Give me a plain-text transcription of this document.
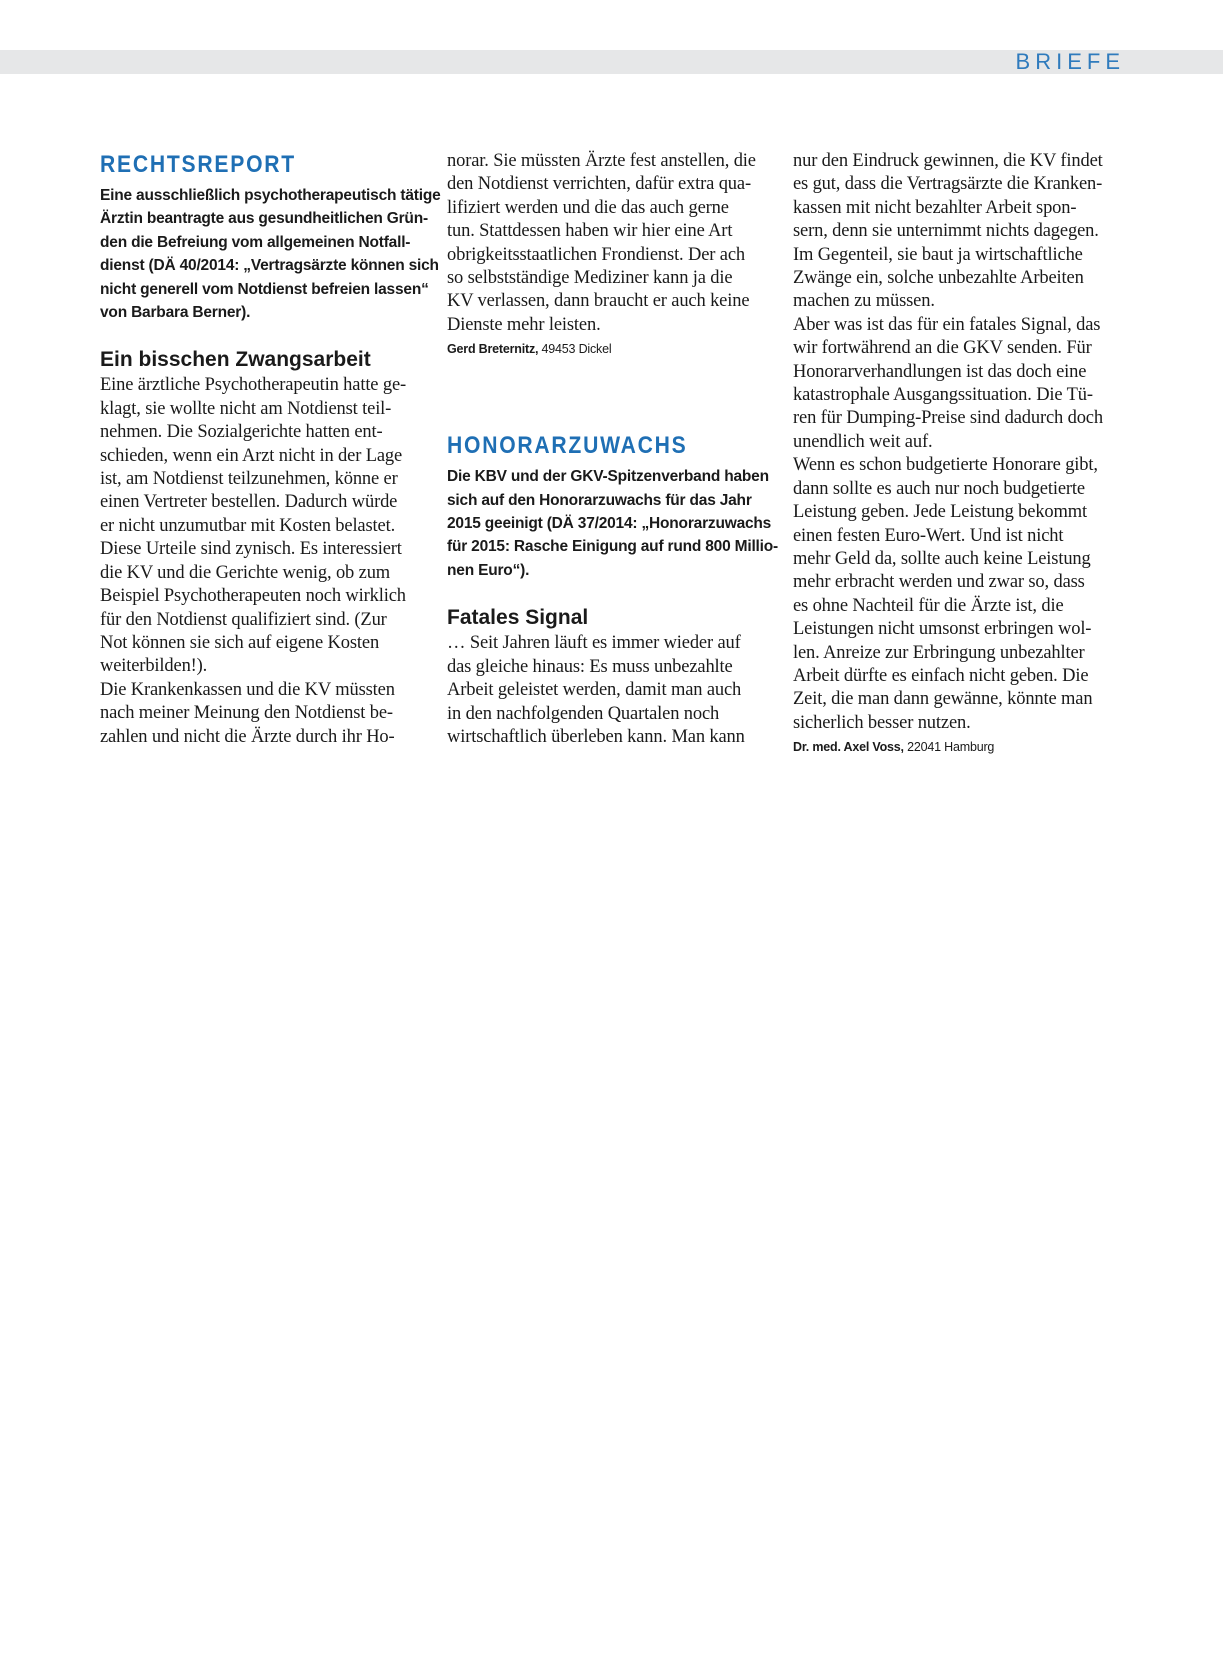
BRIEFE
RECHTSREPORT
Eine ausschließlich psychotherapeutisch tätige
Ärztin beantragte aus gesundheitlichen Grün-
den die Befreiung vom allgemeinen Notfall-
dienst (DÄ 40/2014: „Vertragsärzte können sich
nicht generell vom Notdienst befreien lassen“
von Barbara Berner).
Ein bisschen Zwangsarbeit
Eine ärztliche Psychotherapeutin hatte ge-
klagt, sie wollte nicht am Notdienst teil-
nehmen. Die Sozialgerichte hatten ent-
schieden, wenn ein Arzt nicht in der Lage
ist, am Notdienst teilzunehmen, könne er
einen Vertreter bestellen. Dadurch würde
er nicht unzumutbar mit Kosten belastet.
Diese Urteile sind zynisch. Es interessiert
die KV und die Gerichte wenig, ob zum
Beispiel Psychotherapeuten noch wirklich
für den Notdienst qualifiziert sind. (Zur
Not können sie sich auf eigene Kosten
weiterbilden!).
Die Krankenkassen und die KV müssten
nach meiner Meinung den Notdienst be-
zahlen und nicht die Ärzte durch ihr Ho-
norar. Sie müssten Ärzte fest anstellen, die
den Notdienst verrichten, dafür extra qua-
lifiziert werden und die das auch gerne
tun. Stattdessen haben wir hier eine Art
obrigkeitsstaatlichen Frondienst. Der ach
so selbstständige Mediziner kann ja die
KV verlassen, dann braucht er auch keine
Dienste mehr leisten.

Gerd Breternitz, 49453 Dickel

HONORARZUWACHS
Die KBV und der GKV-Spitzenverband haben
sich auf den Honorarzuwachs für das Jahr
2015 geeinigt (DÄ 37/2014: „Honorarzuwachs
für 2015: Rasche Einigung auf rund 800 Millio-
nen Euro“).
Fatales Signal
… Seit Jahren läuft es immer wieder auf
das gleiche hinaus: Es muss unbezahlte
Arbeit geleistet werden, damit man auch
in den nachfolgenden Quartalen noch
wirtschaftlich überleben kann. Man kann
nur den Eindruck gewinnen, die KV findet
es gut, dass die Vertragsärzte die Kranken-
kassen mit nicht bezahlter Arbeit spon-
sern, denn sie unternimmt nichts dagegen.
Im Gegenteil, sie baut ja wirtschaftliche
Zwänge ein, solche unbezahlte Arbeiten
machen zu müssen.
Aber was ist das für ein fatales Signal, das
wir fortwährend an die GKV senden. Für
Honorarverhandlungen ist das doch eine
katastrophale Ausgangssituation. Die Tü-
ren für Dumping-Preise sind dadurch doch
unendlich weit auf.
Wenn es schon budgetierte Honorare gibt,
dann sollte es auch nur noch budgetierte
Leistung geben. Jede Leistung bekommt
einen festen Euro-Wert. Und ist nicht
mehr Geld da, sollte auch keine Leistung
mehr erbracht werden und zwar so, dass
es ohne Nachteil für die Ärzte ist, die
Leistungen nicht umsonst erbringen wol-
len. Anreize zur Erbringung unbezahlter
Arbeit dürfte es einfach nicht geben. Die
Zeit, die man dann gewänne, könnte man
sicherlich besser nutzen.

Dr. med. Axel Voss, 22041 Hamburg
